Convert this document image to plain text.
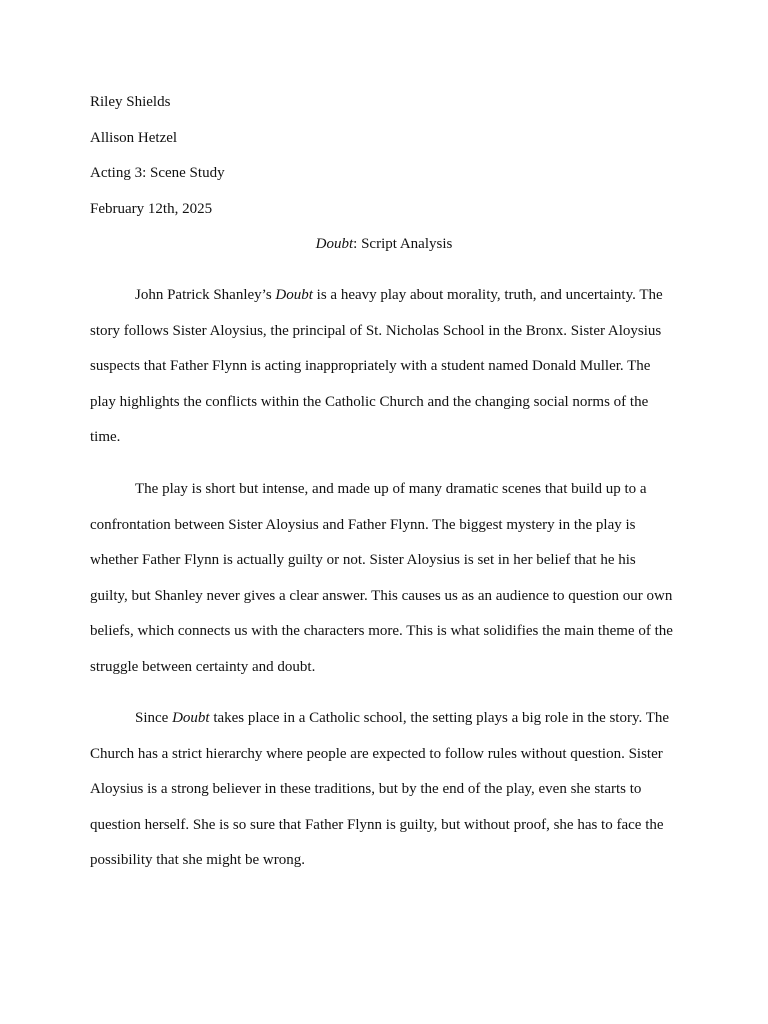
Riley Shields
Allison Hetzel
Acting 3: Scene Study
February 12th, 2025
Doubt: Script Analysis
John Patrick Shanley’s Doubt is a heavy play about morality, truth, and uncertainty. The
story follows Sister Aloysius, the principal of St. Nicholas School in the Bronx. Sister Aloysius
suspects that Father Flynn is acting inappropriately with a student named Donald Muller. The
play highlights the conflicts within the Catholic Church and the changing social norms of the
time.
The play is short but intense, and made up of many dramatic scenes that build up to a
confrontation between Sister Aloysius and Father Flynn. The biggest mystery in the play is
whether Father Flynn is actually guilty or not. Sister Aloysius is set in her belief that he his
guilty, but Shanley never gives a clear answer. This causes us as an audience to question our own
beliefs, which connects us with the characters more. This is what solidifies the main theme of the
struggle between certainty and doubt.
Since Doubt takes place in a Catholic school, the setting plays a big role in the story. The
Church has a strict hierarchy where people are expected to follow rules without question. Sister
Aloysius is a strong believer in these traditions, but by the end of the play, even she starts to
question herself. She is so sure that Father Flynn is guilty, but without proof, she has to face the
possibility that she might be wrong.
